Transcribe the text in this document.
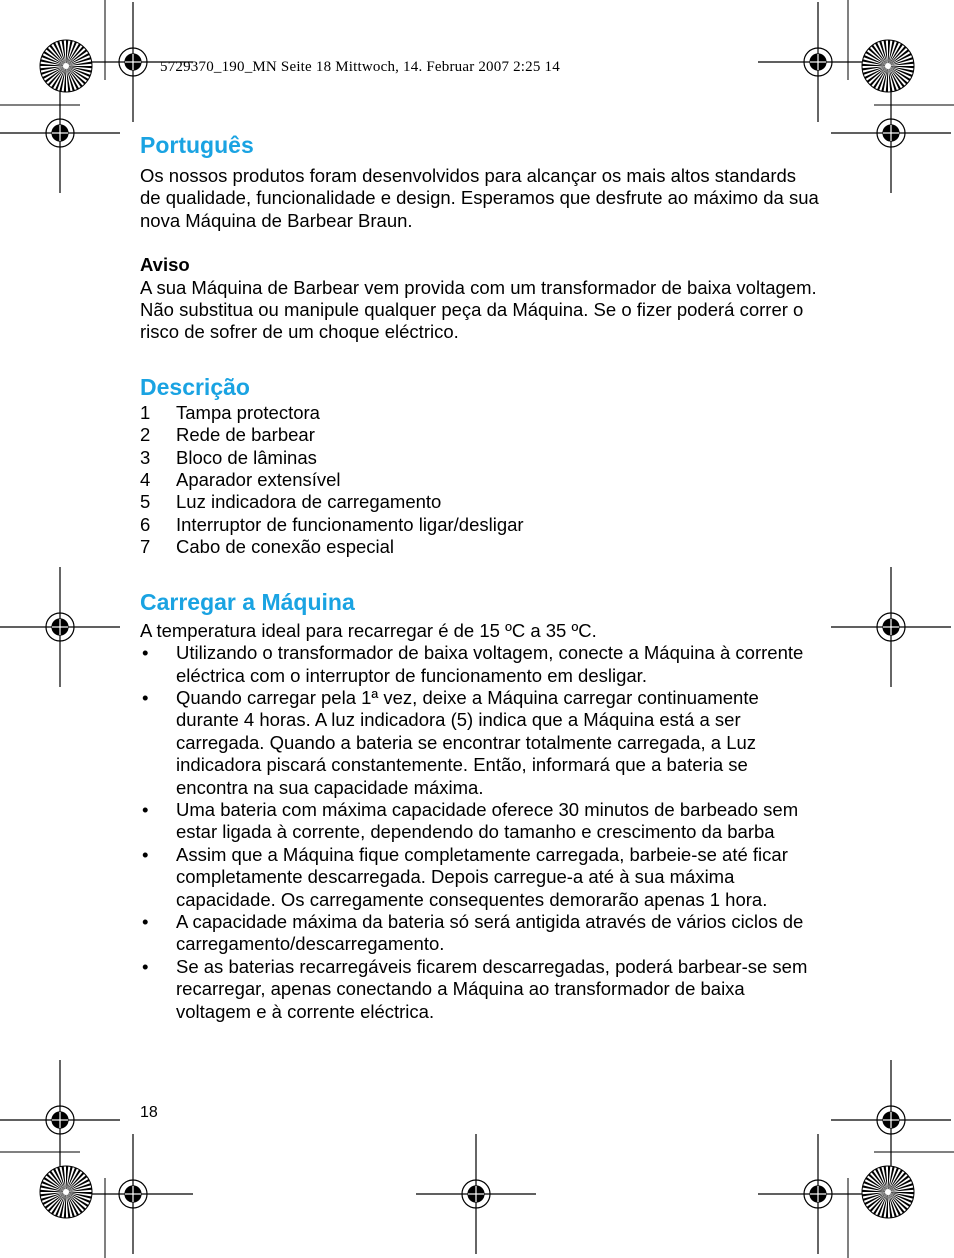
5729370_190_MN Seite 18 Mittwoch, 14. Februar 2007 2:25 14
Português

Os nossos produtos foram desenvolvidos para alcançar os mais altos standards de qualidade, funcionalidade e design. Esperamos que desfrute ao máximo da sua nova Máquina de Barbear Braun.

Aviso

A sua Máquina de Barbear vem provida com um transformador de baixa voltagem. Não substitua ou manipule qualquer peça da Máquina. Se o fizer poderá correr o risco de sofrer de um choque eléctrico.

Descrição
1	Tampa protectora
2	Rede de barbear
3	Bloco de lâminas
4	Aparador extensível
5	Luz indicadora de carregamento
6	Interruptor de funcionamento ligar/desligar
7	Cabo de conexão especial
Carregar a Máquina

A temperatura ideal para recarregar é de 15 ºC a 35 ºC.

•	Utilizando o transformador de baixa voltagem, conecte a Máquina à corrente eléctrica com o interruptor de funcionamento em desligar.
•	Quando carregar pela 1ª vez, deixe a Máquina carregar continuamente durante 4 horas. A luz indicadora (5) indica que a Máquina está a ser carregada. Quando a bateria se encontrar totalmente carregada, a Luz indicadora piscará constantemente. Então, informará que a bateria se encontra na sua capacidade máxima.
•	Uma bateria com máxima capacidade oferece 30 minutos de barbeado sem estar ligada à corrente, dependendo do tamanho e crescimento da barba
•	Assim que a Máquina fique completamente carregada, barbeie-se até ficar completamente descarregada. Depois carregue-a até à sua máxima capacidade. Os carregamente consequentes demorarão apenas 1 hora.
•	A capacidade máxima da bateria só será antigida através de vários ciclos de carregamento/descarregamento.
•	Se as baterias recarregáveis ficarem descarregadas, poderá barbear-se sem recarregar, apenas conectando a Máquina ao transformador de baixa voltagem e à corrente eléctrica.
18
